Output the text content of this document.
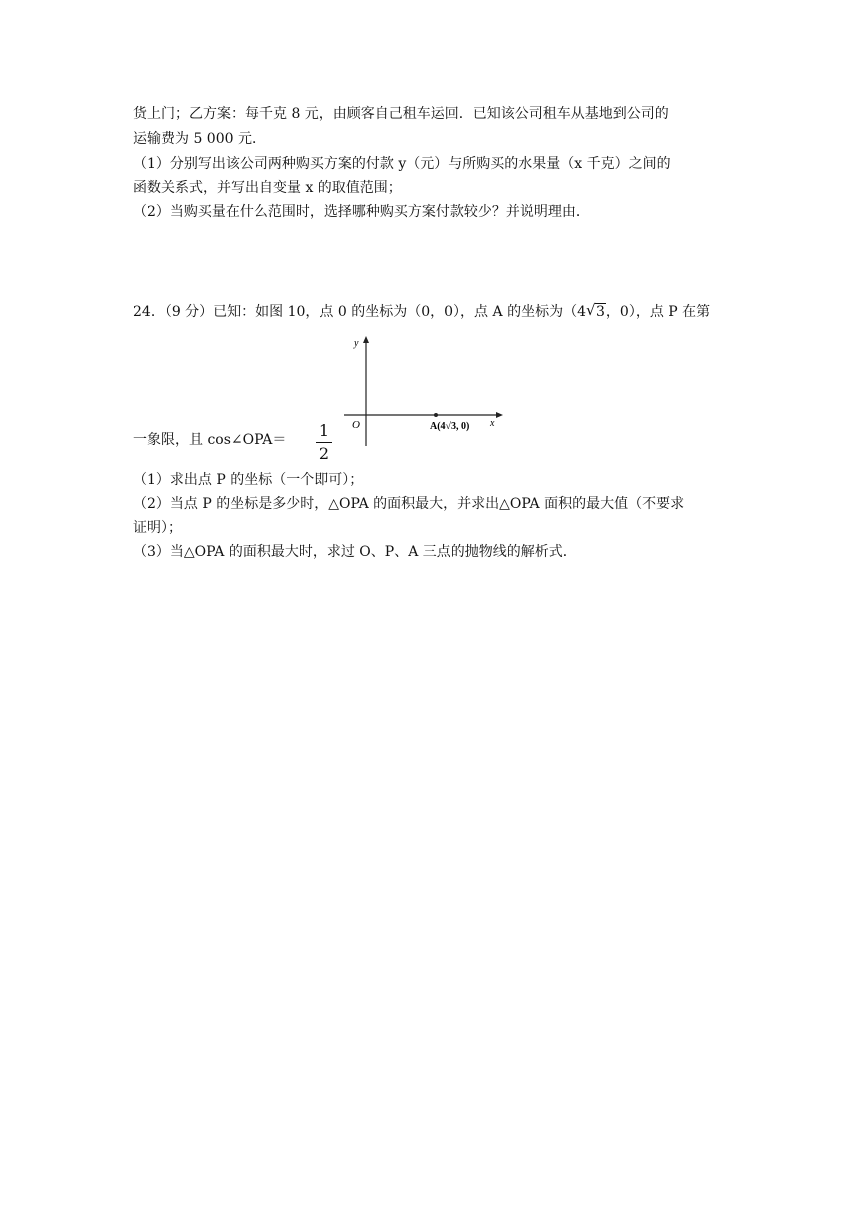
货上门；乙方案：每千克 8 元，由顾客自己租车运回．已知该公司租车从基地到公司的
运输费为 5 000 元．
（1）分别写出该公司两种购买方案的付款 y（元）与所购买的水果量（x 千克）之间的
函数关系式，并写出自变量 x 的取值范围；
（2）当购买量在什么范围时，选择哪种购买方案付款较少？并说明理由．
24．（9 分）已知：如图 10，点 0 的坐标为（0，0），点 A 的坐标为（4 √ 3，0），点 P 在第
y
x
O	A(4√3, 0)
一象限，且 cos∠OPA＝ 1
2
（1）求出点 P 的坐标（一个即可）；
（2）当点 P 的坐标是多少时，△OPA 的面积最大，并求出△OPA 面积的最大值（不要求
证明）；
（3）当△OPA 的面积最大时，求过 O、P、A 三点的抛物线的解析式．
